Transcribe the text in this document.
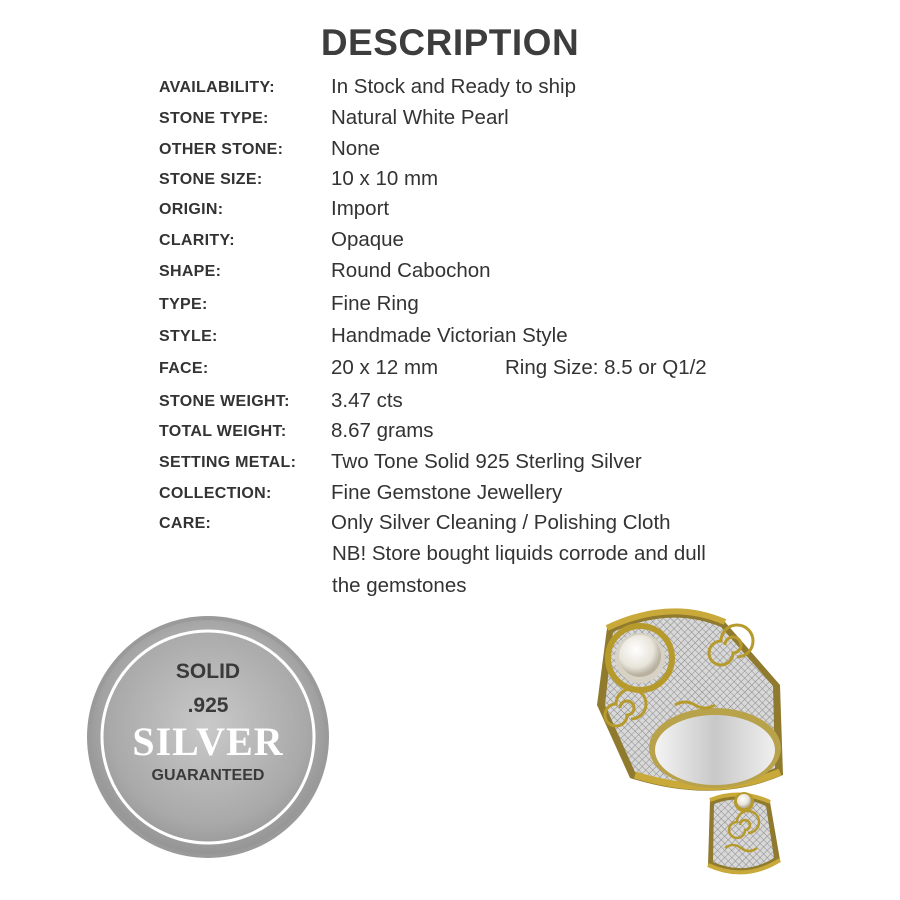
DESCRIPTION
AVAILABILITY:	In Stock and Ready to ship
STONE TYPE:	Natural White Pearl
OTHER STONE: None
STONE SIZE:	10 x 10 mm
ORIGIN:	Import
CLARITY:	Opaque
SHAPE:	Round Cabochon
TYPE:	Fine Ring
STYLE:	Handmade Victorian Style
FACE:	20 x 12 mm	Ring Size: 8.5 or Q1/2
STONE WEIGHT: 3.47 cts
TOTAL WEIGHT: 8.67 grams
SETTING METAL: Two Tone Solid 925 Sterling Silver
COLLECTION:	Fine Gemstone Jewellery
CARE:	Only Silver Cleaning / Polishing Cloth
NB! Store bought liquids corrode and dull
the gemstones
SOLID
.925
SILVER
GUARANTEED
